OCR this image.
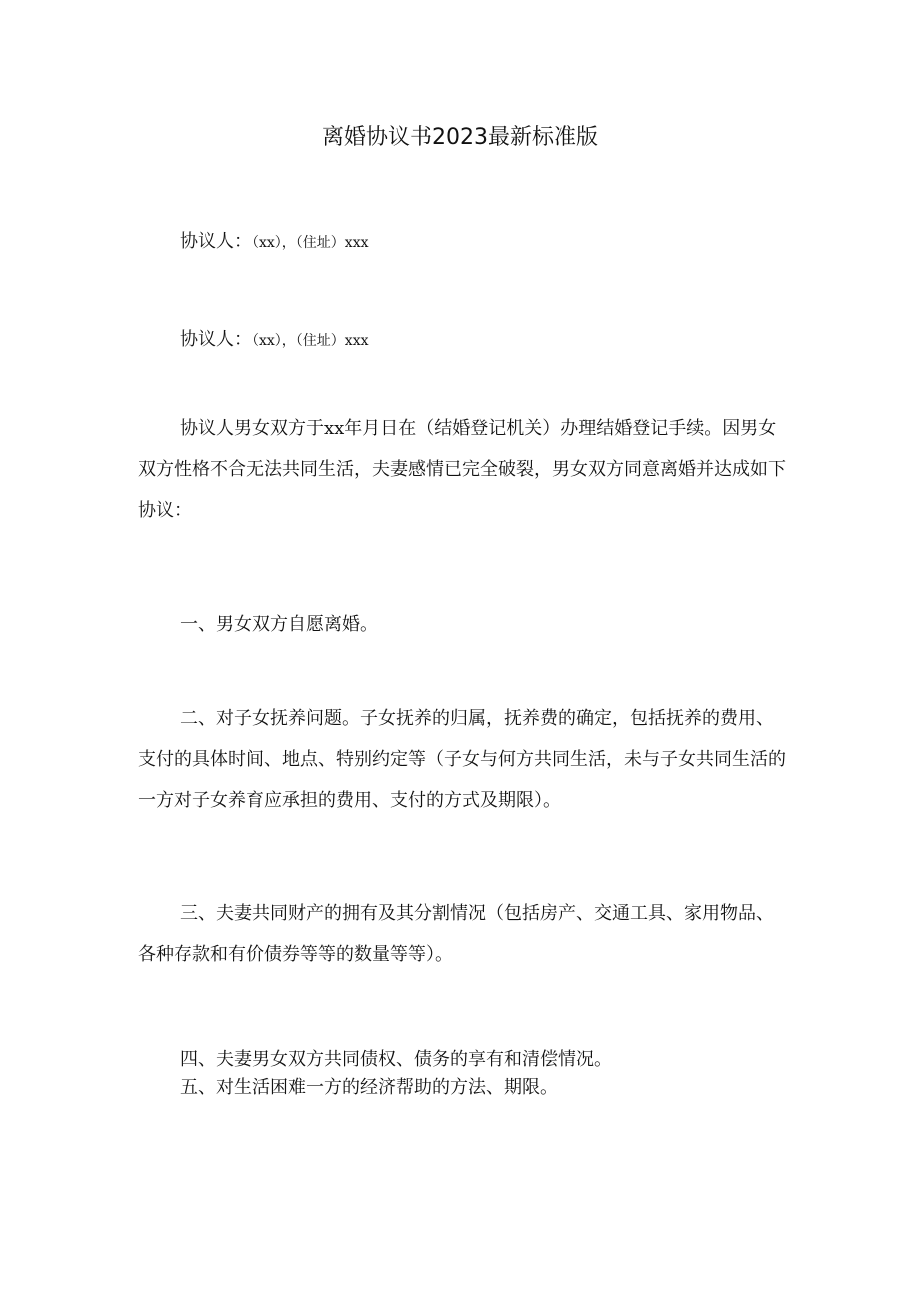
离婚协议书2023最新标准版

协议人：（xx），（住址）xxx

协议人：（xx），（住址）xxx

协议人男女双方于xx年月日在（结婚登记机关）办理结婚登记手续。因男女双方性格不合无法共同生活，夫妻感情已完全破裂，男女双方同意离婚并达成如下协议：

一、男女双方自愿离婚。

二、对子女抚养问题。子女抚养的归属，抚养费的确定，包括抚养的费用、支付的具体时间、地点、特别约定等（子女与何方共同生活，未与子女共同生活的一方对子女养育应承担的费用、支付的方式及期限）。

三、夫妻共同财产的拥有及其分割情况（包括房产、交通工具、家用物品、各种存款和有价债券等等的数量等等）。

四、夫妻男女双方共同债权、债务的享有和清偿情况。

五、对生活困难一方的经济帮助的方法、期限。
